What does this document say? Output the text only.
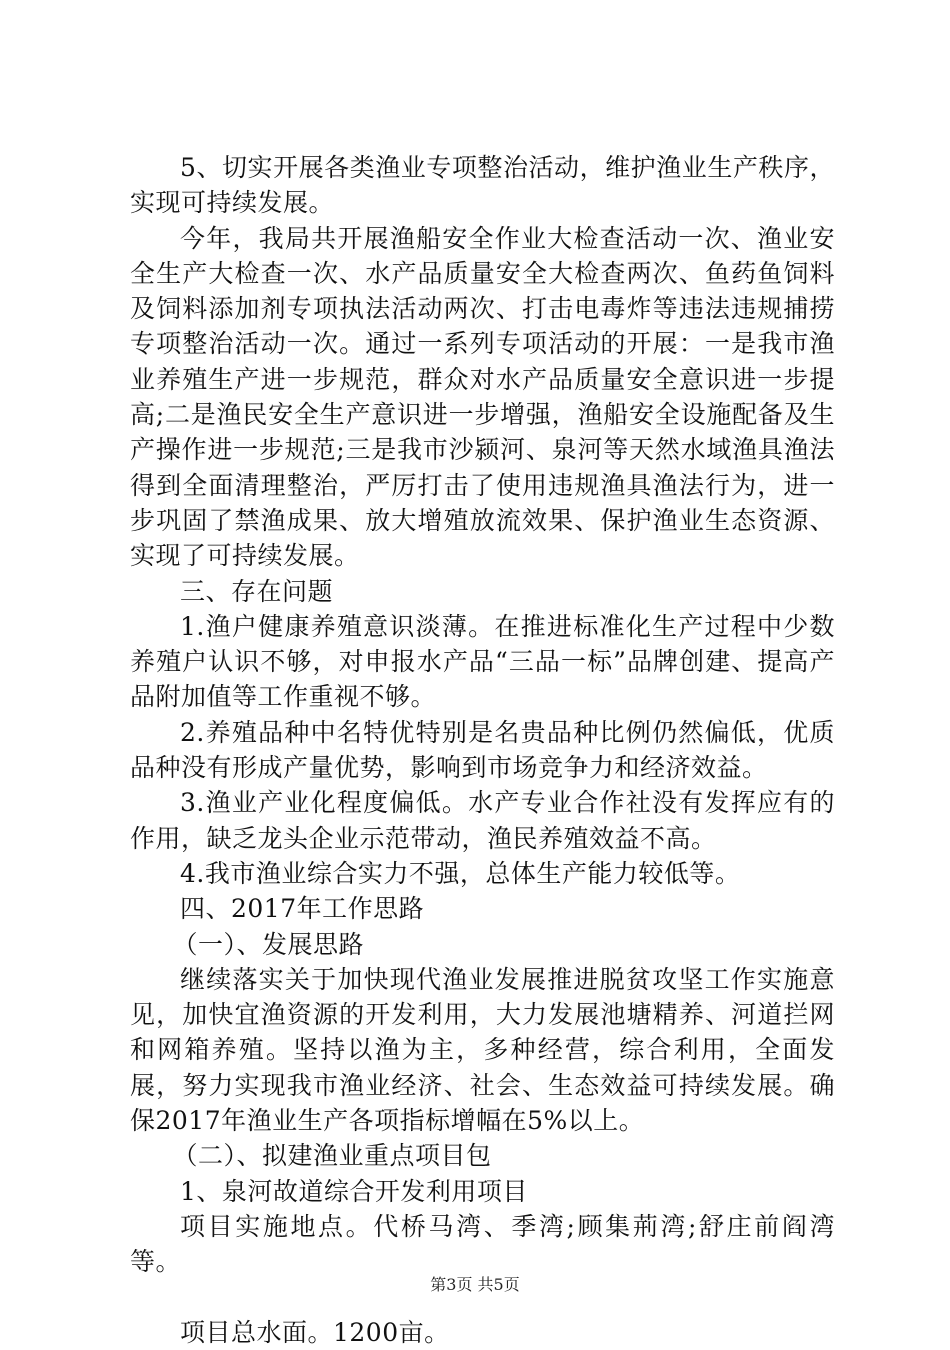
5、切实开展各类渔业专项整治活动，维护渔业生产秩序，实现可持续发展。

今年，我局共开展渔船安全作业大检查活动一次、渔业安全生产大检查一次、水产品质量安全大检查两次、鱼药鱼饲料及饲料添加剂专项执法活动两次、打击电毒炸等违法违规捕捞专项整治活动一次。通过一系列专项活动的开展：一是我市渔业养殖生产进一步规范，群众对水产品质量安全意识进一步提高;二是渔民安全生产意识进一步增强，渔船安全设施配备及生产操作进一步规范;三是我市沙颍河、泉河等天然水域渔具渔法得到全面清理整治，严厉打击了使用违规渔具渔法行为，进一步巩固了禁渔成果、放大增殖放流效果、保护渔业生态资源、实现了可持续发展。

三、存在问题

1.渔户健康养殖意识淡薄。在推进标准化生产过程中少数养殖户认识不够，对申报水产品“三品一标”品牌创建、提高产品附加值等工作重视不够。

2.养殖品种中名特优特别是名贵品种比例仍然偏低，优质品种没有形成产量优势，影响到市场竞争力和经济效益。

3.渔业产业化程度偏低。水产专业合作社没有发挥应有的作用，缺乏龙头企业示范带动，渔民养殖效益不高。

4.我市渔业综合实力不强，总体生产能力较低等。

四、2017年工作思路

（一）、发展思路

继续落实关于加快现代渔业发展推进脱贫攻坚工作实施意见，加快宜渔资源的开发利用，大力发展池塘精养、河道拦网和网箱养殖。坚持以渔为主，多种经营，综合利用，全面发展，努力实现我市渔业经济、社会、生态效益可持续发展。确保2017年渔业生产各项指标增幅在5%以上。

（二）、拟建渔业重点项目包

1、泉河故道综合开发利用项目

项目实施地点。代桥马湾、季湾;顾集荊湾;舒庄前阎湾等。

项目总水面。1200亩。

第3页 共5页
